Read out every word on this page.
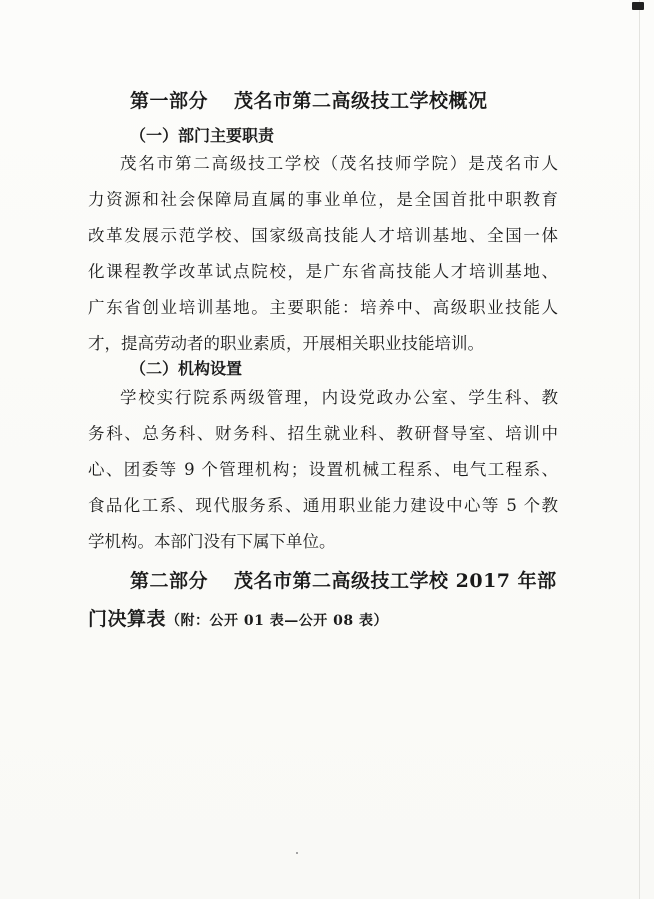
第一部分 茂名市第二高级技工学校概况
（一）部门主要职责
茂名市第二高级技工学校（茂名技师学院）是茂名市人
力资源和社会保障局直属的事业单位，是全国首批中职教育
改革发展示范学校、国家级高技能人才培训基地、全国一体
化课程教学改革试点院校，是广东省高技能人才培训基地、
广东省创业培训基地。主要职能：培养中、高级职业技能人
才，提高劳动者的职业素质，开展相关职业技能培训。
（二）机构设置
学校实行院系两级管理，内设党政办公室、学生科、教
务科、总务科、财务科、招生就业科、教研督导室、培训中
心、团委等 9 个管理机构；设置机械工程系、电气工程系、
食品化工系、现代服务系、通用职业能力建设中心等 5 个教
学机构。本部门没有下属下单位。
第二部分 茂名市第二高级技工学校 2017 年部
门决算表（附：公开 01 表—公开 08 表）
